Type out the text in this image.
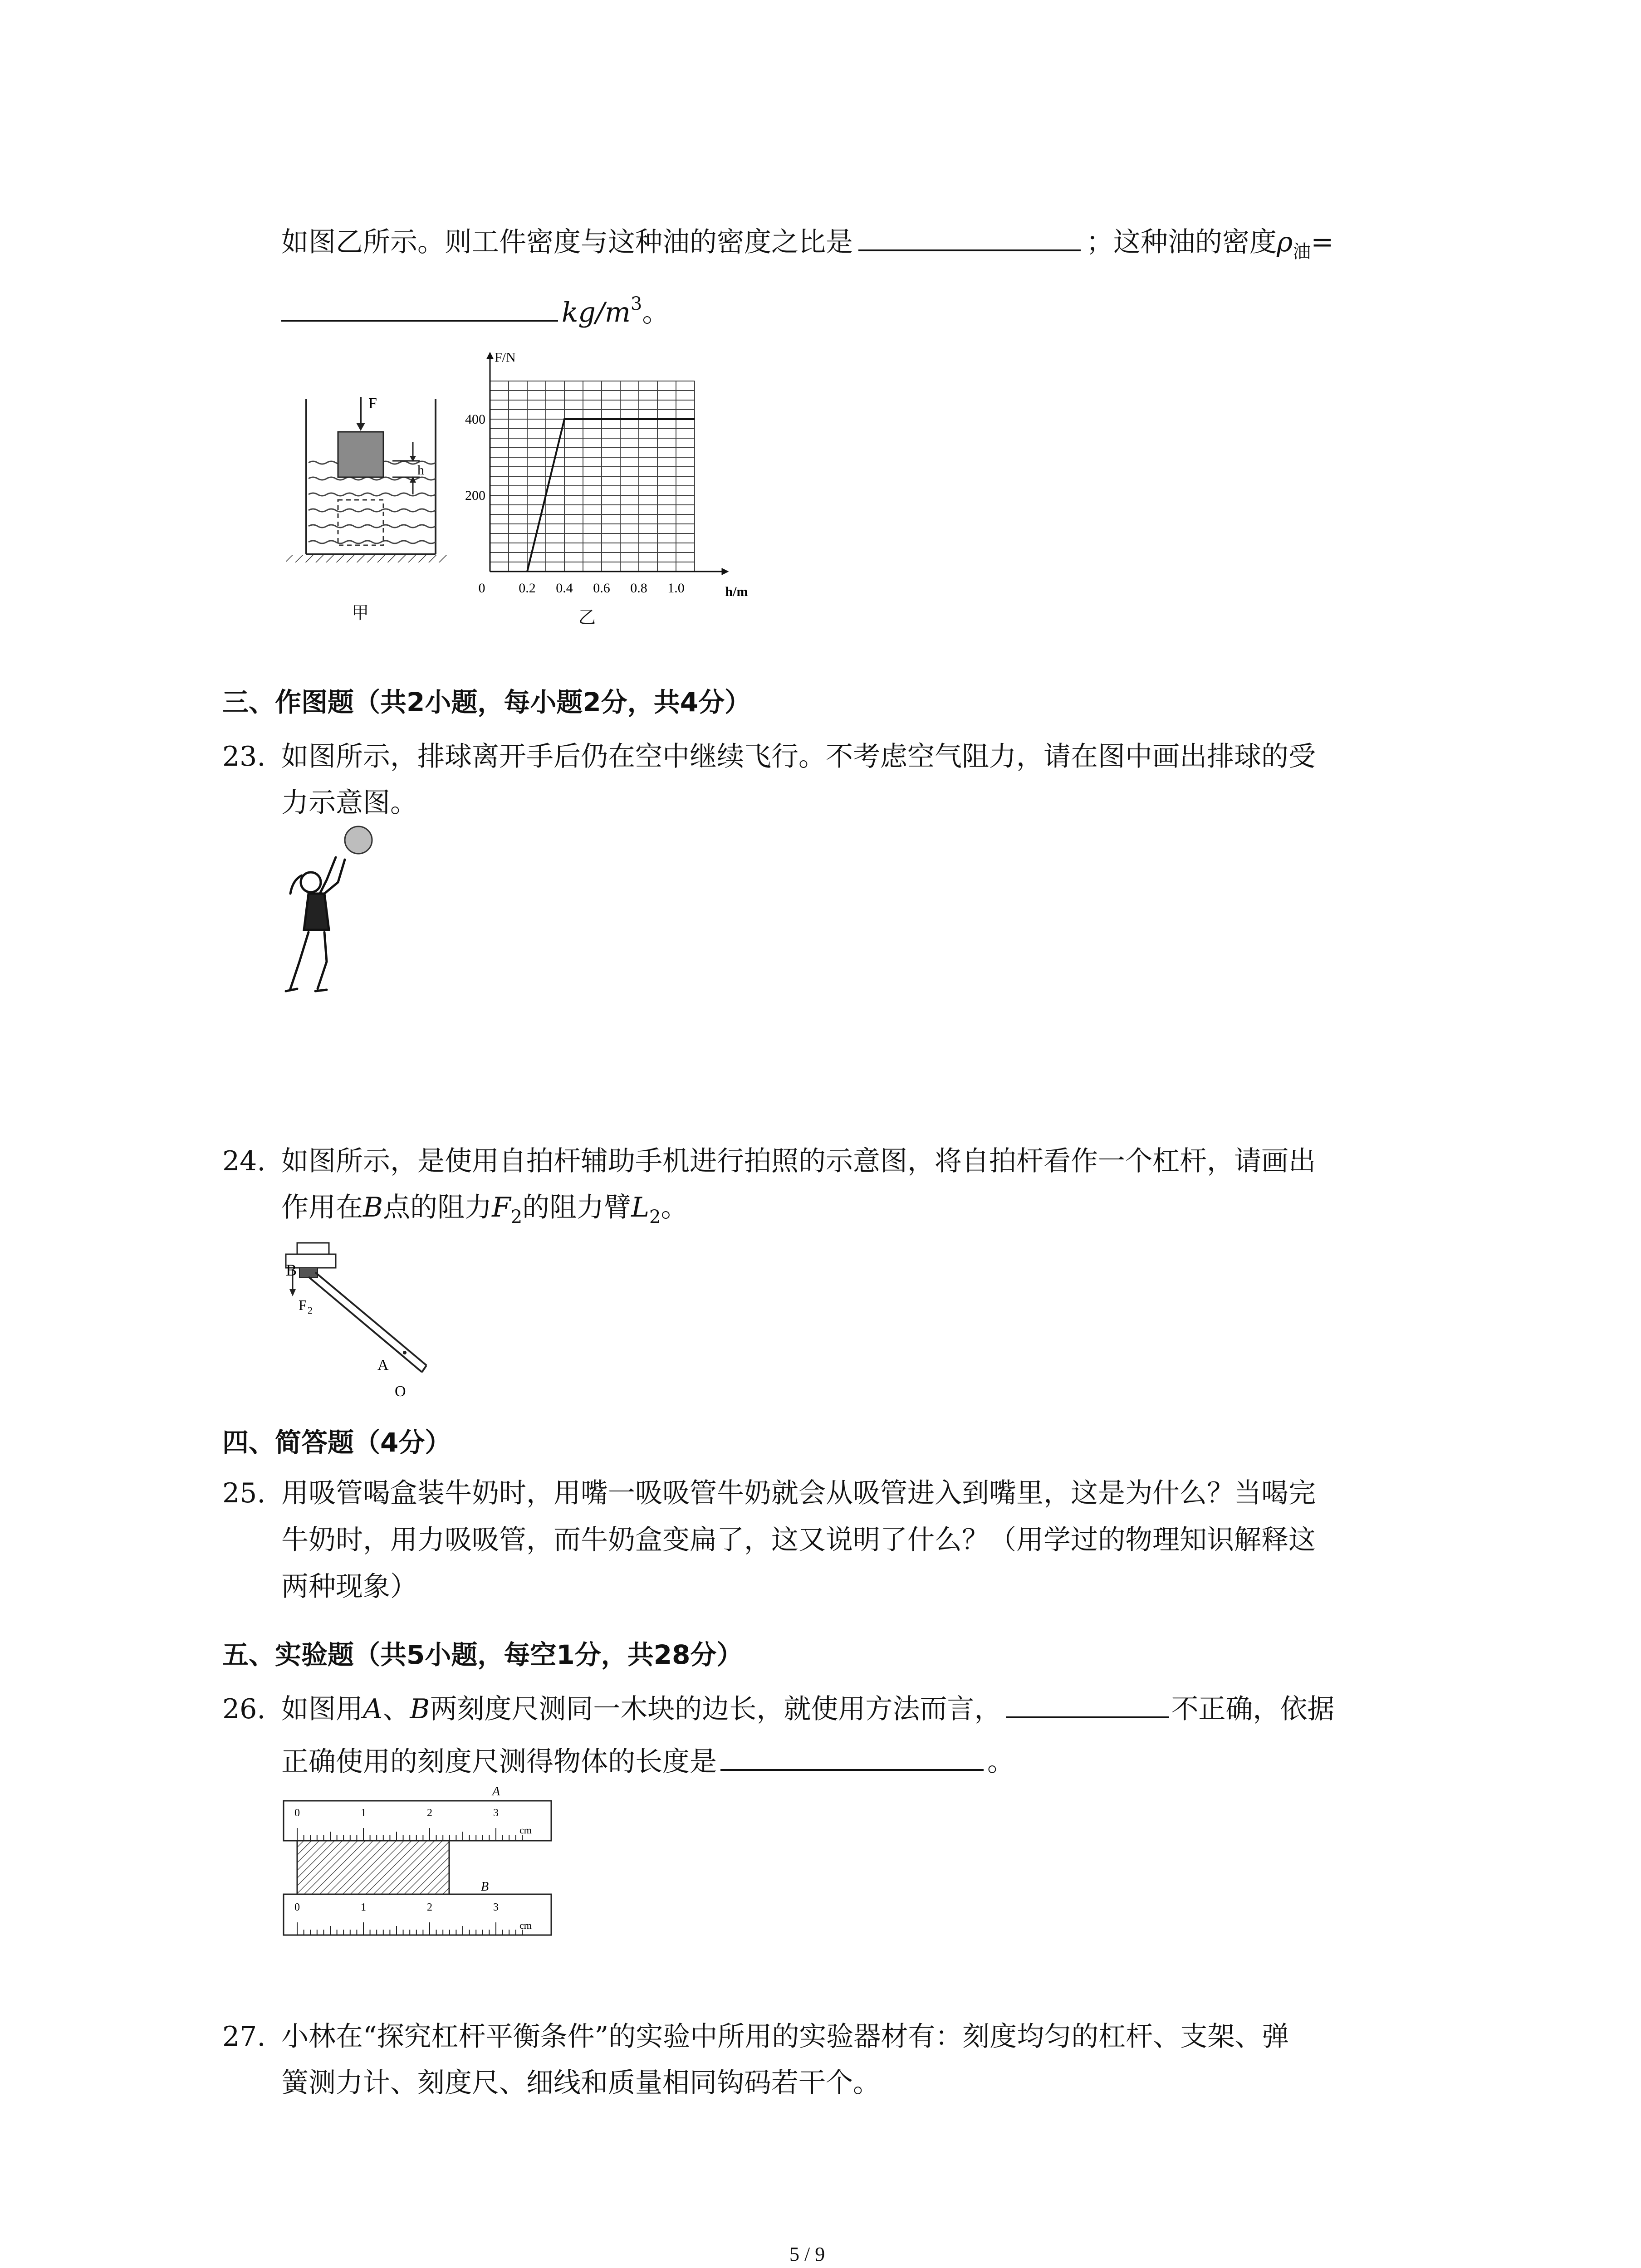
如图乙所示。则工件密度与这种油的密度之比是	；这种油的密度$\rho_油=$
$kg/m^3$。
F
h
甲
F/N
h/m
400
200
0 0.2 0.4 0.6 0.8 1.0
乙
三、作图题（共2小题，每小题2分，共4分）
23. 如图所示，排球离开手后仍在空中继续飞行。不考虑空气阻力，请在图中画出排球的受
力示意图。
24. 如图所示，是使用自拍杆辅助手机进行拍照的示意图，将自拍杆看作一个杠杆，请画出
作用在B点的阻力$F_2$的阻力臂$L_2$。
B
F 2
A
O
四、简答题（4分）
25. 用吸管喝盒装牛奶时，用嘴一吸吸管牛奶就会从吸管进入到嘴里，这是为什么？当喝完
牛奶时，用力吸吸管，而牛奶盒变扁了，这又说明了什么？（用学过的物理知识解释这
两种现象）
五、实验题（共5小题，每空1分，共28分）
26. 如图用A、B两刻度尺测同一木块的边长，就使用方法而言，	不正确，依据
正确使用的刻度尺测得物体的长度是	。
A
0	1	2	3
cm
B
0	1	2	3
cm
27. 小林在“探究杠杆平衡条件”的实验中所用的实验器材有：刻度均匀的杠杆、支架、弹
簧测力计、刻度尺、细线和质量相同钩码若干个。
5 / 9
